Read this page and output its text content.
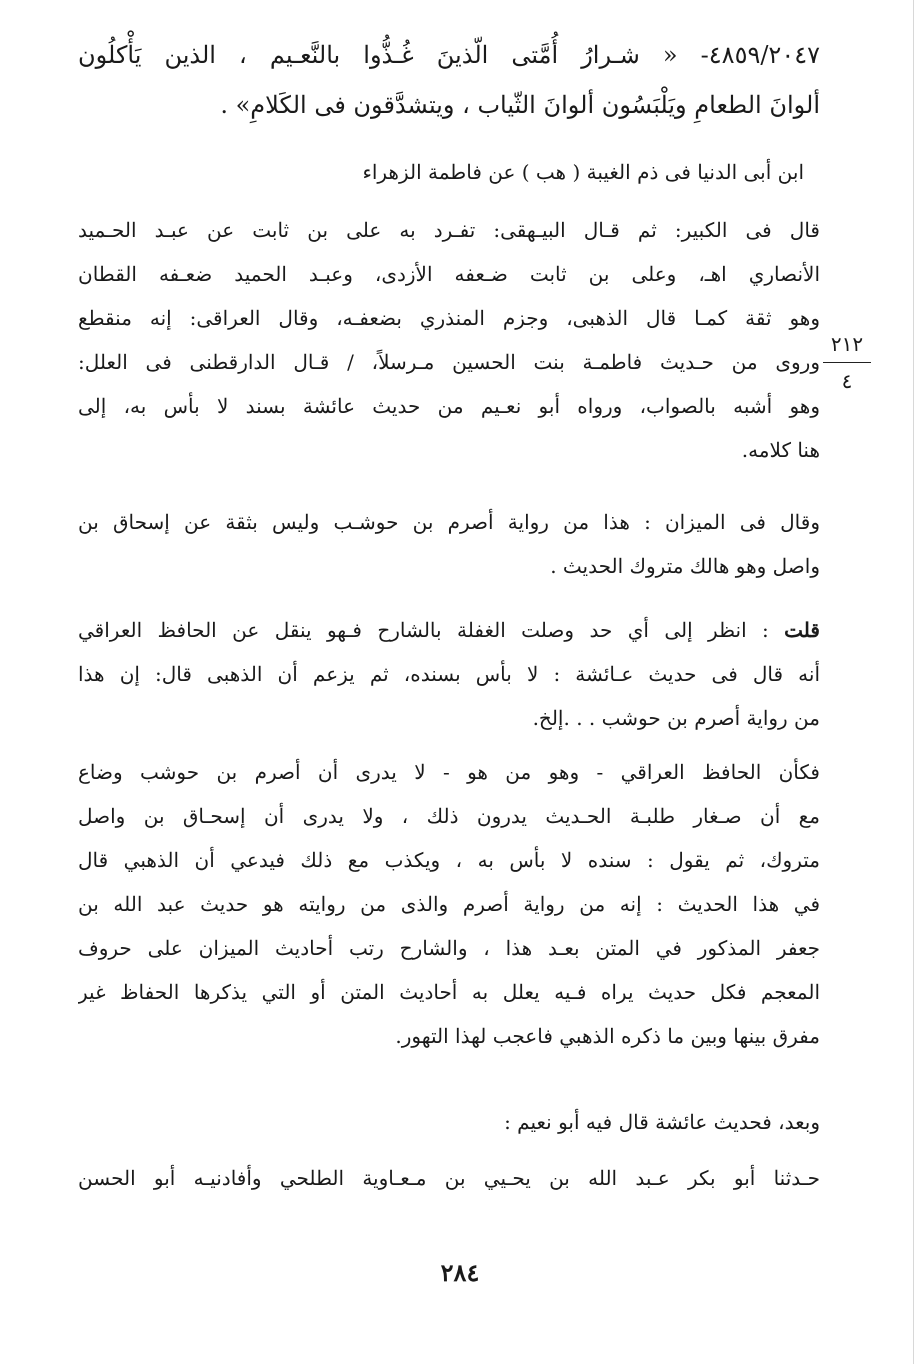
٤٨٥٩/٢٠٤٧- « شـرارُ أُمَّتى الّذينَ غُـذُّوا بالنَّعـيم ، الذين يَأْكلُون
ألوانَ الطعامِ ويَلْبَسُون ألوانَ الثّياب ، ويتشدَّقون فى الكَلامِ» .
ابن أبى الدنيا فى ذم الغيبة ( هب ) عن فاطمة الزهراء
٢١٢
٤
قال فى الكبير: ثم قـال البيـهقى: تفـرد به على بن ثابت عن عبـد الحـميد
الأنصاري اهـ، وعلى بن ثابت ضـعفه الأزدى، وعبـد الحميد ضعـفه القطان
وهو ثقة كمـا قال الذهبى، وجزم المنذري بضعفـه، وقال العراقى: إنه منقطع
وروى من حـديث فاطمـة بنت الحسين مـرسلاً، / قـال الدارقطنى فى العلل:
وهو أشبه بالصواب، ورواه أبو نعـيم من حديث عائشة بسند لا بأس به، إلى
هنا كلامه.
وقال فى الميزان : هذا من رواية أصرم بن حوشـب وليس بثقة عن إسحاق بن
واصل وهو هالك متروك الحديث .
قلت : انظر إلى أي حد وصلت الغفلة بالشارح فـهو ينقل عن الحافظ العراقي
أنه قال فى حديث عـائشة : لا بأس بسنده، ثم يزعم أن الذهبى قال: إن هذا
من رواية أصرم بن حوشب . . .إلخ.
فكأن الحافظ العراقي - وهو من هو - لا يدرى أن أصرم بن حوشب وضاع
مع أن صـغار طلبـة الحـديث يدرون ذلك ، ولا يدرى أن إسحـاق بن واصل
متروك، ثم يقول : سنده لا بأس به ، ويكذب مع ذلك فيدعي أن الذهبي قال
في هذا الحديث : إنه من رواية أصرم والذى من روايته هو حديث عبد الله بن
جعفر المذكور في المتن بعـد هذا ، والشارح رتب أحاديث الميزان على حروف
المعجم فكل حديث يراه فـيه يعلل به أحاديث المتن أو التي يذكرها الحفاظ غير
مفرق بينها وبين ما ذكره الذهبي فاعجب لهذا التهور.
وبعد، فحديث عائشة قال فيه أبو نعيم :
حـدثنا أبو بكر عـبد الله بن يحـيي بن مـعـاوية الطلحي وأفادنيـه أبو الحسن
٢٨٤
